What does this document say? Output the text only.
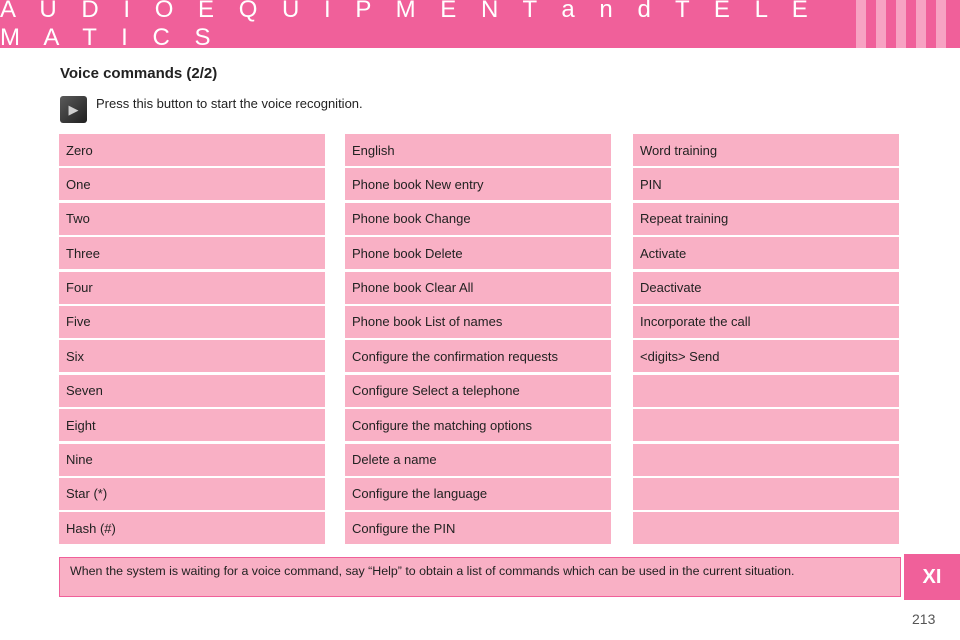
A U D I O E Q U I P M E N T a n d T E L E M A T I C S
Voice commands (2/2)
▶	Press this button to start the voice recognition.
Zero
One
Two
Three
Four
Five
Six
Seven
Eight
Nine
Star (*)
Hash (#)
English
Phone book New entry
Phone book Change
Phone book Delete
Phone book Clear All
Phone book List of names
Configure the confirmation requests
Configure Select a telephone
Configure the matching options
Delete a name
Configure the language
Configure the PIN
Word training
PIN
Repeat training
Activate
Deactivate
Incorporate the call
<digits> Send
When the system is waiting for a voice command, say “Help” to obtain a list of commands which can be used in the current situation.	XI
213
